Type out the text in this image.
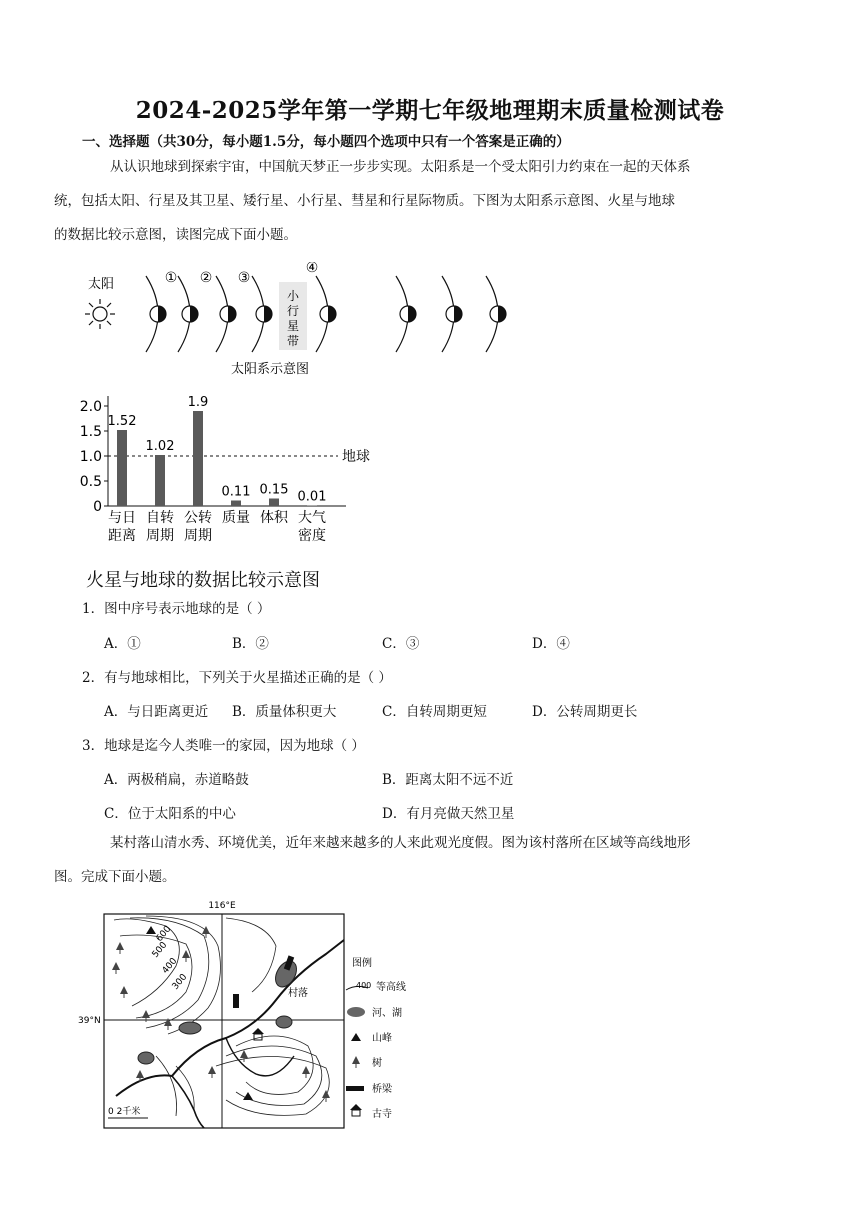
2024-2025学年第一学期七年级地理期末质量检测试卷
一、选择题（共30分，每小题1.5分，每小题四个选项中只有一个答案是正确的）
从认识地球到探索宇宙，中国航天梦正一步步实现。太阳系是一个受太阳引力约束在一起的天体系
统，包括太阳、行星及其卫星、矮行星、小行星、彗星和行星际物质。下图为太阳系示意图、火星与地球
的数据比较示意图，读图完成下面小题。
太阳
小
行
星
带
① ② ③
④
太阳系示意图
0
0.5
1.0
1.5
2.0
地球
1.52
与日
距离
1.02
自转
周期
1.9
公转
周期
0.11
质量
0.15
体积
0.01
大气
密度
火星与地球的数据比较示意图
1．图中序号表示地球的是（ ）
A．①	B．②	C．③	D．④
2．有与地球相比，下列关于火星描述正确的是（ ）
A．与日距离更近 B．质量体积更大	C．自转周期更短	D．公转周期更长
3．地球是迄今人类唯一的家园，因为地球（ ）
A．两极稍扁，赤道略鼓	B．距离太阳不远不近
C．位于太阳系的中心	D．有月亮做天然卫星
某村落山清水秀、环境优美，近年来越来越多的人来此观光度假。图为该村落所在区域等高线地形
图。完成下面小题。
116°E
39°N
村落
600
500
400
300
0 2千米
图例
400 等高线
河、湖
山峰
树
桥梁
古寺
